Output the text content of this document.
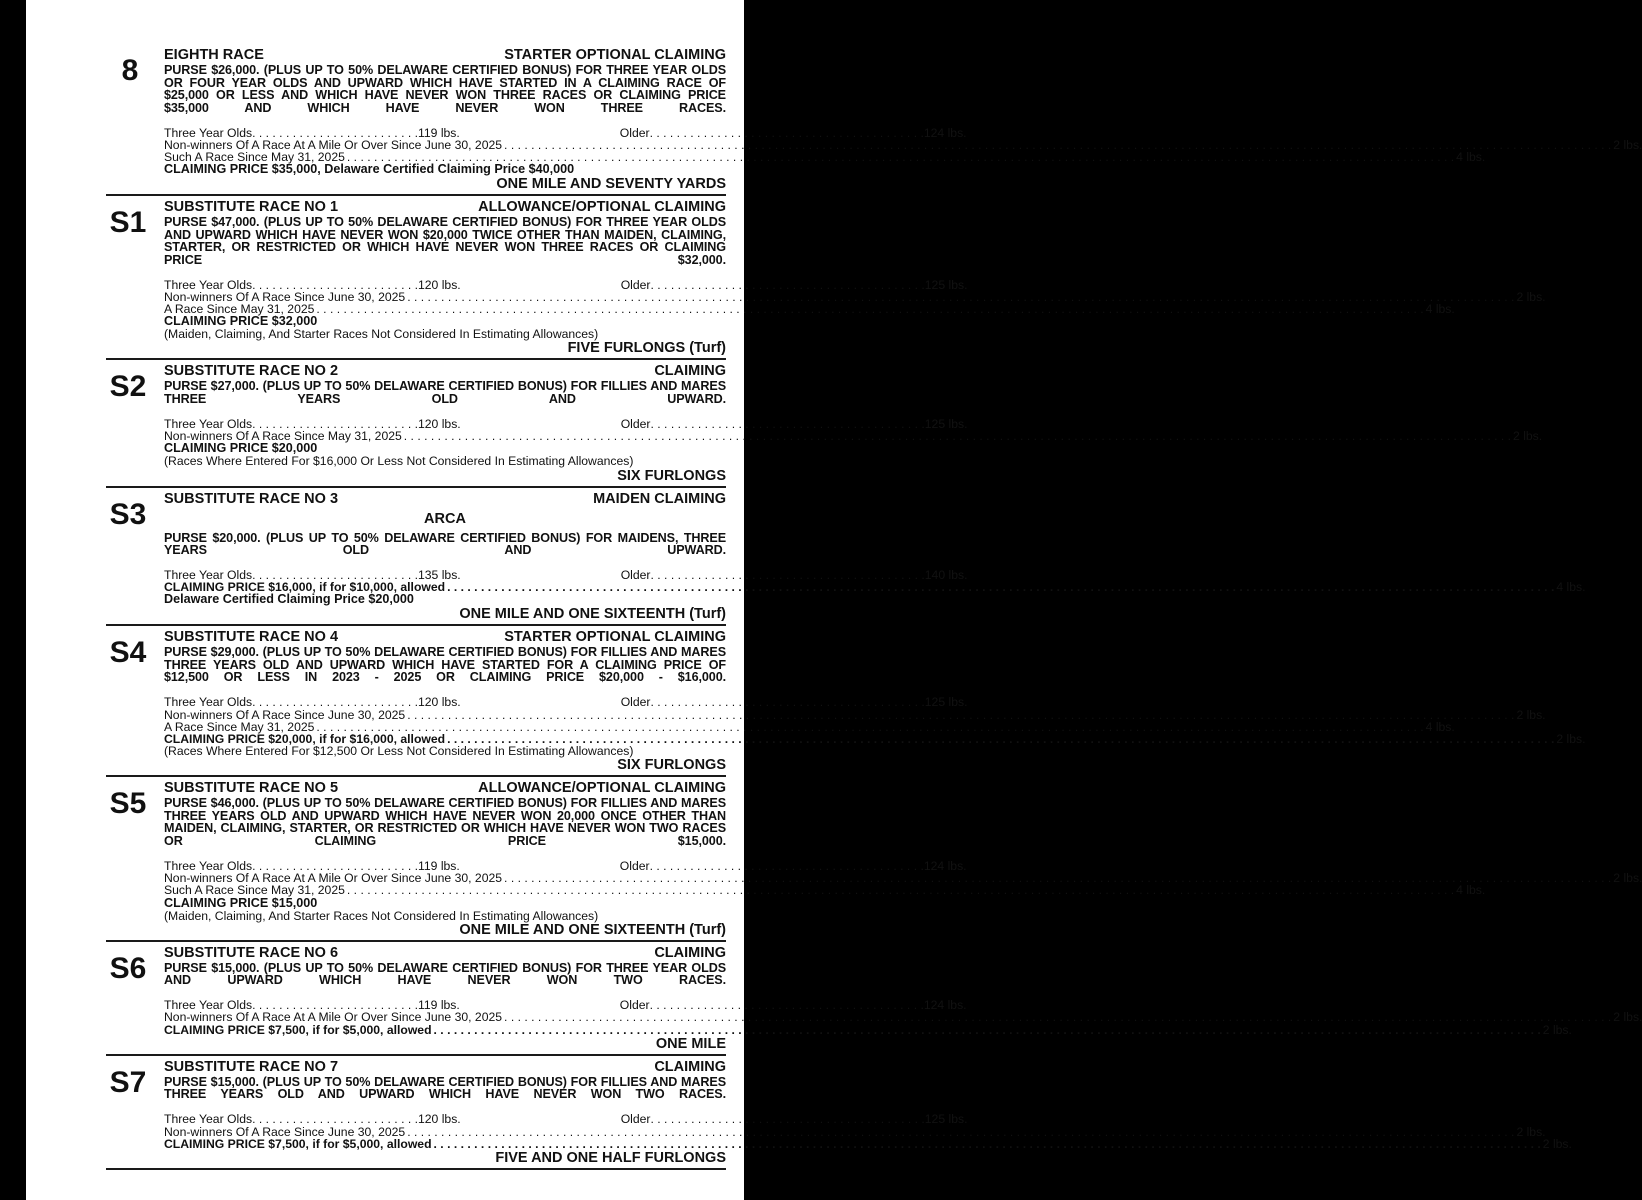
8	EIGHTH RACE	STARTER OPTIONAL CLAIMING
PURSE $26,000. (PLUS UP TO 50% DELAWARE CERTIFIED BONUS) FOR THREE YEAR OLDS OR FOUR YEAR OLDS AND UPWARD WHICH HAVE STARTED IN A CLAIMING RACE OF $25,000 OR LESS AND WHICH HAVE NEVER WON THREE RACES OR CLAIMING PRICE $35,000 AND WHICH HAVE NEVER WON THREE RACES.
Three Year Olds . . .	119 lbs.	Older . . .	124 lbs.
Non-winners Of A Race At A Mile Or Over Since June 30, 2025 . . .	2 lbs.
Such A Race Since May 31, 2025 . . .	4 lbs.
CLAIMING PRICE $35,000, Delaware Certified Claiming Price $40,000
ONE MILE AND SEVENTY YARDS
S1	SUBSTITUTE RACE NO 1	ALLOWANCE/OPTIONAL CLAIMING
PURSE $47,000. (PLUS UP TO 50% DELAWARE CERTIFIED BONUS) FOR THREE YEAR OLDS AND UPWARD WHICH HAVE NEVER WON $20,000 TWICE OTHER THAN MAIDEN, CLAIMING, STARTER, OR RESTRICTED OR WHICH HAVE NEVER WON THREE RACES OR CLAIMING PRICE $32,000.
Three Year Olds . . .	120 lbs.	Older . . .	125 lbs.
Non-winners Of A Race Since June 30, 2025 . . .	2 lbs.
A Race Since May 31, 2025 . . .	4 lbs.
CLAIMING PRICE $32,000
(Maiden, Claiming, And Starter Races Not Considered In Estimating Allowances)
FIVE FURLONGS (Turf)
S2	SUBSTITUTE RACE NO 2	CLAIMING
PURSE $27,000. (PLUS UP TO 50% DELAWARE CERTIFIED BONUS) FOR FILLIES AND MARES THREE YEARS OLD AND UPWARD.
Three Year Olds . . .	120 lbs.	Older . . .	125 lbs.
Non-winners Of A Race Since May 31, 2025 . . .	2 lbs.
CLAIMING PRICE $20,000
(Races Where Entered For $16,000 Or Less Not Considered In Estimating Allowances)
SIX FURLONGS
S3	SUBSTITUTE RACE NO 3	MAIDEN CLAIMING
ARCA
PURSE $20,000. (PLUS UP TO 50% DELAWARE CERTIFIED BONUS) FOR MAIDENS, THREE YEARS OLD AND UPWARD.
Three Year Olds . . .	135 lbs.	Older . . .	140 lbs.
CLAIMING PRICE $16,000, if for $10,000, allowed . . .	4 lbs.
Delaware Certified Claiming Price $20,000
ONE MILE AND ONE SIXTEENTH (Turf)
S4	SUBSTITUTE RACE NO 4	STARTER OPTIONAL CLAIMING
PURSE $29,000. (PLUS UP TO 50% DELAWARE CERTIFIED BONUS) FOR FILLIES AND MARES THREE YEARS OLD AND UPWARD WHICH HAVE STARTED FOR A CLAIMING PRICE OF $12,500 OR LESS IN 2023 - 2025 OR CLAIMING PRICE $20,000 - $16,000.
Three Year Olds . . .	120 lbs.	Older . . .	125 lbs.
Non-winners Of A Race Since June 30, 2025 . . .	2 lbs.
A Race Since May 31, 2025 . . .	4 lbs.
CLAIMING PRICE $20,000, if for $16,000, allowed . . .	2 lbs.
(Races Where Entered For $12,500 Or Less Not Considered In Estimating Allowances)
SIX FURLONGS
S5	SUBSTITUTE RACE NO 5	ALLOWANCE/OPTIONAL CLAIMING
PURSE $46,000. (PLUS UP TO 50% DELAWARE CERTIFIED BONUS) FOR FILLIES AND MARES THREE YEARS OLD AND UPWARD WHICH HAVE NEVER WON 20,000 ONCE OTHER THAN MAIDEN, CLAIMING, STARTER, OR RESTRICTED OR WHICH HAVE NEVER WON TWO RACES OR CLAIMING PRICE $15,000.
Three Year Olds . . .	119 lbs.	Older . . .	124 lbs.
Non-winners Of A Race At A Mile Or Over Since June 30, 2025 . . .	2 lbs.
Such A Race Since May 31, 2025 . . .	4 lbs.
CLAIMING PRICE $15,000
(Maiden, Claiming, And Starter Races Not Considered In Estimating Allowances)
ONE MILE AND ONE SIXTEENTH (Turf)
S6	SUBSTITUTE RACE NO 6	CLAIMING
PURSE $15,000. (PLUS UP TO 50% DELAWARE CERTIFIED BONUS) FOR THREE YEAR OLDS AND UPWARD WHICH HAVE NEVER WON TWO RACES.
Three Year Olds . . .	119 lbs.	Older . . .	124 lbs.
Non-winners Of A Race At A Mile Or Over Since June 30, 2025 . . .	2 lbs.
CLAIMING PRICE $7,500, if for $5,000, allowed . . .	2 lbs.
ONE MILE
S7	SUBSTITUTE RACE NO 7	CLAIMING
PURSE $15,000. (PLUS UP TO 50% DELAWARE CERTIFIED BONUS) FOR FILLIES AND MARES THREE YEARS OLD AND UPWARD WHICH HAVE NEVER WON TWO RACES.
Three Year Olds . . .	120 lbs.	Older . . .	125 lbs.
Non-winners Of A Race Since June 30, 2025 . . .	2 lbs.
CLAIMING PRICE $7,500, if for $5,000, allowed . . .	2 lbs.
FIVE AND ONE HALF FURLONGS
